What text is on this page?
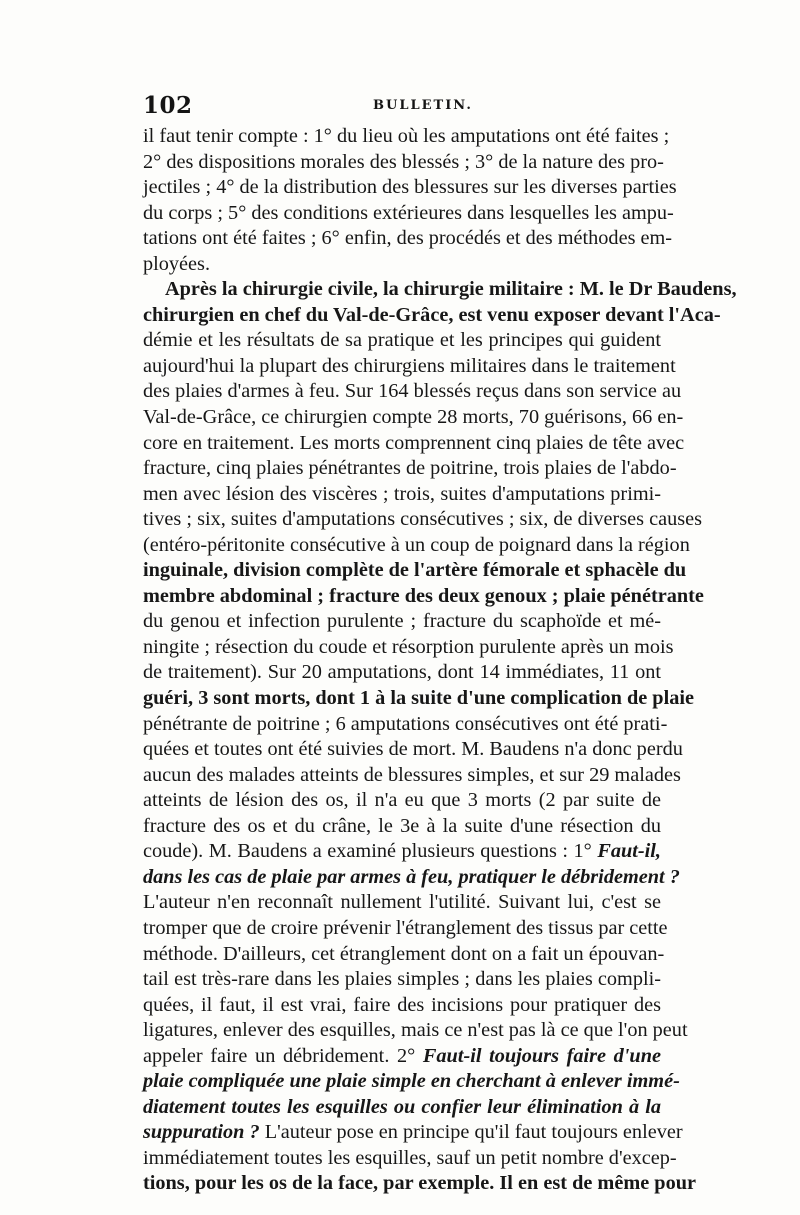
102	BULLETIN.

il faut tenir compte : 1° du lieu où les amputations ont été faites ;
2° des dispositions morales des blessés ; 3° de la nature des pro-
jectiles ; 4° de la distribution des blessures sur les diverses parties
du corps ; 5° des conditions extérieures dans lesquelles les ampu-
tations ont été faites ; 6° enfin, des procédés et des méthodes em-
ployées.

Après la chirurgie civile, la chirurgie militaire : M. le Dr Baudens,
chirurgien en chef du Val-de-Grâce, est venu exposer devant l'Aca-
démie et les résultats de sa pratique et les principes qui guident
aujourd'hui la plupart des chirurgiens militaires dans le traitement
des plaies d'armes à feu. Sur 164 blessés reçus dans son service au
Val-de-Grâce, ce chirurgien compte 28 morts, 70 guérisons, 66 en-
core en traitement. Les morts comprennent cinq plaies de tête avec
fracture, cinq plaies pénétrantes de poitrine, trois plaies de l'abdo-
men avec lésion des viscères ; trois, suites d'amputations primi-
tives ; six, suites d'amputations consécutives ; six, de diverses causes
(entéro-péritonite consécutive à un coup de poignard dans la région
inguinale, division complète de l'artère fémorale et sphacèle du
membre abdominal ; fracture des deux genoux ; plaie pénétrante
du genou et infection purulente ; fracture du scaphoïde et mé-
ningite ; résection du coude et résorption purulente après un mois
de traitement). Sur 20 amputations, dont 14 immédiates, 11 ont
guéri, 3 sont morts, dont 1 à la suite d'une complication de plaie
pénétrante de poitrine ; 6 amputations consécutives ont été prati-
quées et toutes ont été suivies de mort. M. Baudens n'a donc perdu
aucun des malades atteints de blessures simples, et sur 29 malades
atteints de lésion des os, il n'a eu que 3 morts (2 par suite de
fracture des os et du crâne, le 3e à la suite d'une résection du
coude). M. Baudens a examiné plusieurs questions : 1° Faut-il,
dans les cas de plaie par armes à feu, pratiquer le débridement ?
L'auteur n'en reconnaît nullement l'utilité. Suivant lui, c'est se
tromper que de croire prévenir l'étranglement des tissus par cette
méthode. D'ailleurs, cet étranglement dont on a fait un épouvan-
tail est très-rare dans les plaies simples ; dans les plaies compli-
quées, il faut, il est vrai, faire des incisions pour pratiquer des
ligatures, enlever des esquilles, mais ce n'est pas là ce que l'on peut
appeler faire un débridement. 2° Faut-il toujours faire d'une
plaie compliquée une plaie simple en cherchant à enlever immé-
diatement toutes les esquilles ou confier leur élimination à la
suppuration ? L'auteur pose en principe qu'il faut toujours enlever
immédiatement toutes les esquilles, sauf un petit nombre d'excep-
tions, pour les os de la face, par exemple. Il en est de même pour
